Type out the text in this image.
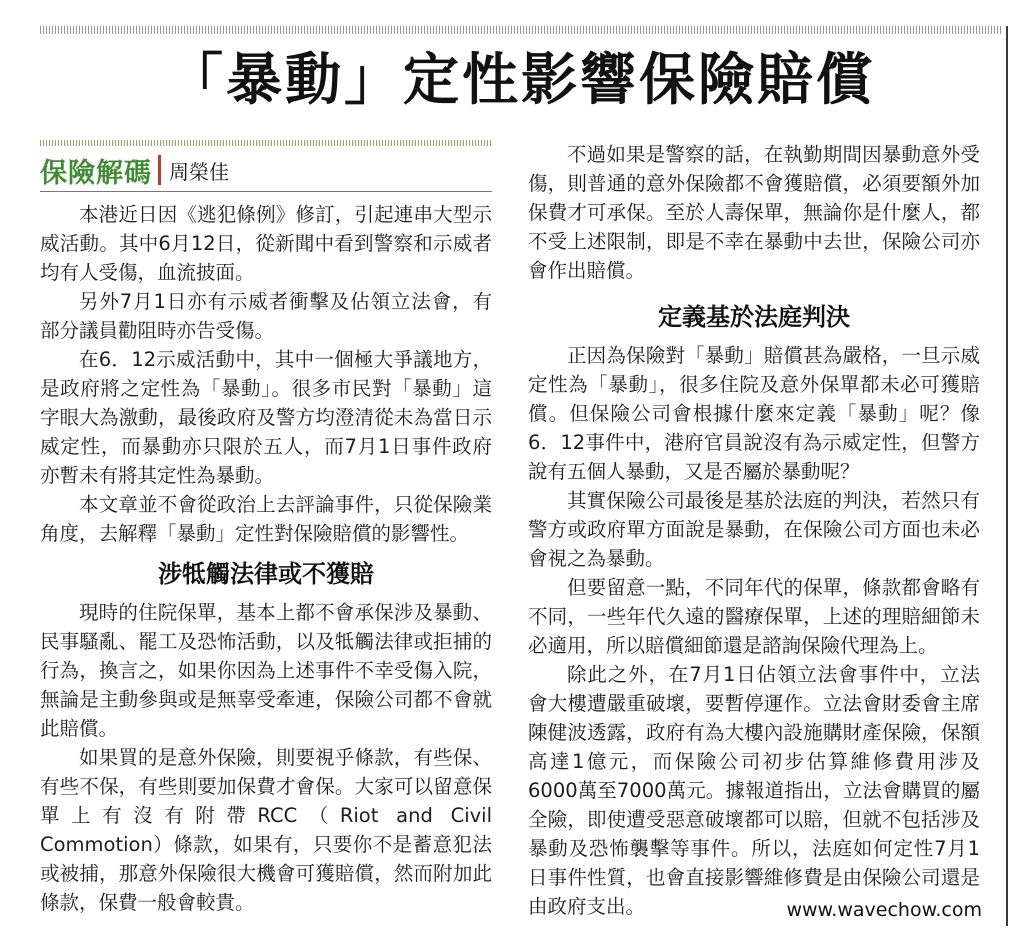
「暴動」定性影響保險賠償
保險解碼 周榮佳

本港近日因《逃犯條例》修訂，引起連串大型示威活動。其中6月12日，從新聞中看到警察和示威者均有人受傷，血流披面。

另外7月1日亦有示威者衝擊及佔領立法會，有部分議員勸阻時亦告受傷。

在6．12示威活動中，其中一個極大爭議地方，是政府將之定性為「暴動」。很多市民對「暴動」這字眼大為激動，最後政府及警方均澄清從未為當日示威定性，而暴動亦只限於五人，而7月1日事件政府亦暫未有將其定性為暴動。

本文章並不會從政治上去評論事件，只從保險業角度，去解釋「暴動」定性對保險賠償的影響性。

涉牴觸法律或不獲賠

現時的住院保單，基本上都不會承保涉及暴動、民事騷亂、罷工及恐怖活動，以及牴觸法律或拒捕的行為，換言之，如果你因為上述事件不幸受傷入院，無論是主動參與或是無辜受牽連，保險公司都不會就此賠償。

如果買的是意外保險，則要視乎條款，有些保、有些不保，有些則要加保費才會保。大家可以留意保單上有沒有附帶RCC（Riot and Civil Commotion）條款，如果有，只要你不是蓄意犯法或被捕，那意外保險很大機會可獲賠償，然而附加此條款，保費一般會較貴。

不過如果是警察的話，在執勤期間因暴動意外受傷，則普通的意外保險都不會獲賠償，必須要額外加保費才可承保。至於人壽保單，無論你是什麼人，都不受上述限制，即是不幸在暴動中去世，保險公司亦會作出賠償。

定義基於法庭判決

正因為保險對「暴動」賠償甚為嚴格，一旦示威定性為「暴動」，很多住院及意外保單都未必可獲賠償。但保險公司會根據什麼來定義「暴動」呢？像6．12事件中，港府官員說沒有為示威定性，但警方說有五個人暴動，又是否屬於暴動呢？

其實保險公司最後是基於法庭的判決，若然只有警方或政府單方面說是暴動，在保險公司方面也未必會視之為暴動。

但要留意一點，不同年代的保單，條款都會略有不同，一些年代久遠的醫療保單，上述的理賠細節未必適用，所以賠償細節還是諮詢保險代理為上。

除此之外，在7月1日佔領立法會事件中，立法會大樓遭嚴重破壞，要暫停運作。立法會財委會主席陳健波透露，政府有為大樓內設施購財產保險，保額高達1億元，而保險公司初步估算維修費用涉及6000萬至7000萬元。據報道指出，立法會購買的屬全險，即使遭受惡意破壞都可以賠，但就不包括涉及暴動及恐怖襲擊等事件。所以，法庭如何定性7月1日事件性質，也會直接影響維修費是由保險公司還是由政府支出。	www.wavechow.com
